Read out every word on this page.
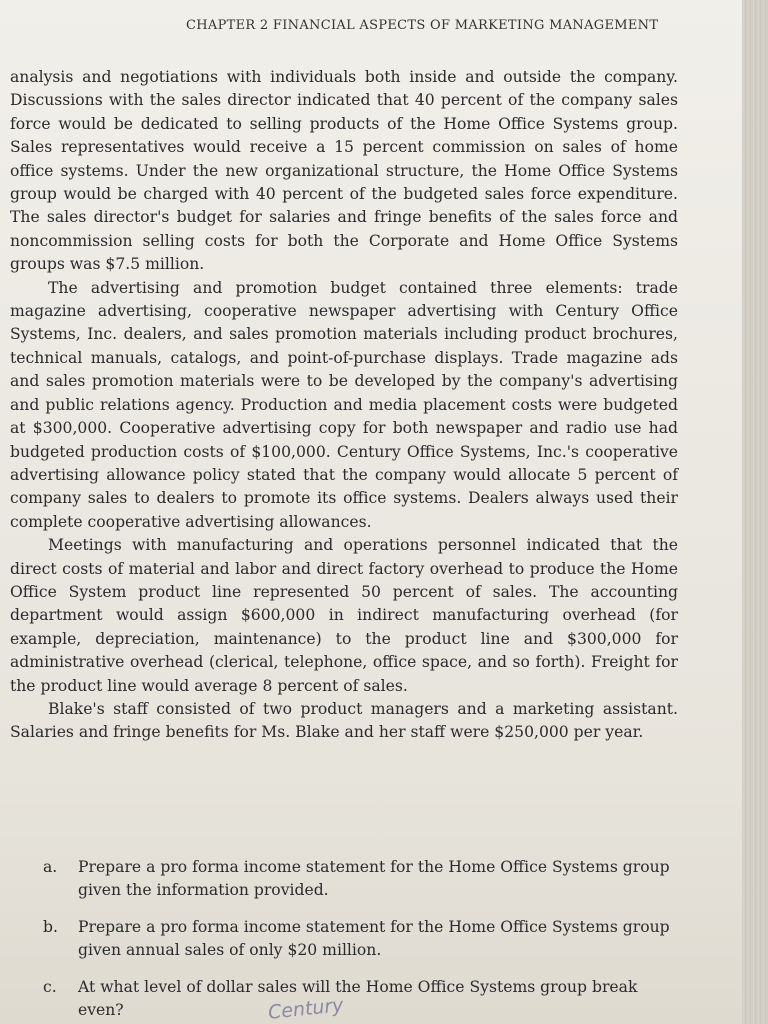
CHAPTER 2 FINANCIAL ASPECTS OF MARKETING MANAGEMENT

analysis and negotiations with individuals both inside and outside the company. Discussions with the sales director indicated that 40 percent of the company sales force would be dedicated to selling products of the Home Office Systems group. Sales representatives would receive a 15 percent commission on sales of home office systems. Under the new organizational structure, the Home Office Systems group would be charged with 40 percent of the budgeted sales force expenditure. The sales director's budget for salaries and fringe benefits of the sales force and noncommission selling costs for both the Corporate and Home Office Systems groups was $7.5 million.

The advertising and promotion budget contained three elements: trade magazine advertising, cooperative newspaper advertising with Century Office Systems, Inc. dealers, and sales promotion materials including product brochures, technical manuals, catalogs, and point-of-purchase displays. Trade magazine ads and sales promotion materials were to be developed by the company's advertising and public relations agency. Production and media placement costs were budgeted at $300,000. Cooperative advertising copy for both newspaper and radio use had budgeted production costs of $100,000. Century Office Systems, Inc.'s cooperative advertising allowance policy stated that the company would allocate 5 percent of company sales to dealers to promote its office systems. Dealers always used their complete cooperative advertising allowances.

Meetings with manufacturing and operations personnel indicated that the direct costs of material and labor and direct factory overhead to produce the Home Office System product line represented 50 percent of sales. The accounting department would assign $600,000 in indirect manufacturing overhead (for example, depreciation, maintenance) to the product line and $300,000 for administrative overhead (clerical, telephone, office space, and so forth). Freight for the product line would average 8 percent of sales.

Blake's staff consisted of two product managers and a marketing assistant. Salaries and fringe benefits for Ms. Blake and her staff were $250,000 per year.

a. Prepare a pro forma income statement for the Home Office Systems group given the information provided.
b. Prepare a pro forma income statement for the Home Office Systems group given annual sales of only $20 million.
c. At what level of dollar sales will the Home Office Systems group break even?	Century
